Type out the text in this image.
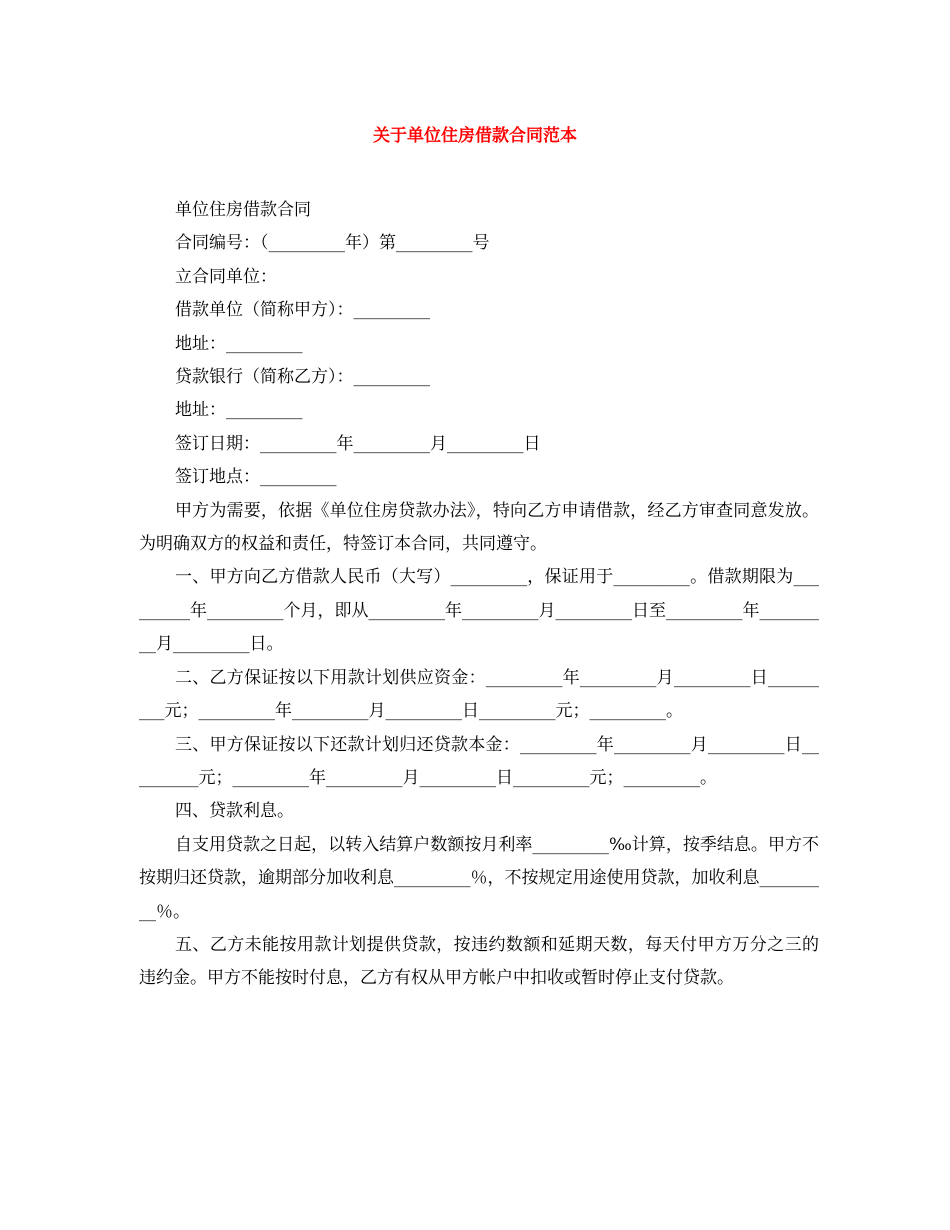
关于单位住房借款合同范本

单位住房借款合同

合同编号：（_________年）第_________号

立合同单位：

借款单位（简称甲方）：_________

地址：_________

贷款银行（简称乙方）：_________

地址：_________

签订日期：_________年_________月_________日

签订地点：_________

甲方为需要，依据《单位住房贷款办法》，特向乙方申请借款，经乙方审查同意发放。为明确双方的权益和责任，特签订本合同，共同遵守。

一、甲方向乙方借款人民币（大写）_________，保证用于_________。借款期限为_________年_________个月，即从_________年_________月_________日至_________年_________月_________日。

二、乙方保证按以下用款计划供应资金：_________年_________月_________日_________元；_________年_________月_________日_________元；_________。

三、甲方保证按以下还款计划归还贷款本金：_________年_________月_________日_________元；_________年_________月_________日_________元；_________。

四、贷款利息。

自支用贷款之日起，以转入结算户数额按月利率_________‰计算，按季结息。甲方不按期归还贷款，逾期部分加收利息_________％，不按规定用途使用贷款，加收利息_________％。

五、乙方未能按用款计划提供贷款，按违约数额和延期天数，每天付甲方万分之三的违约金。甲方不能按时付息，乙方有权从甲方帐户中扣收或暂时停止支付贷款。
